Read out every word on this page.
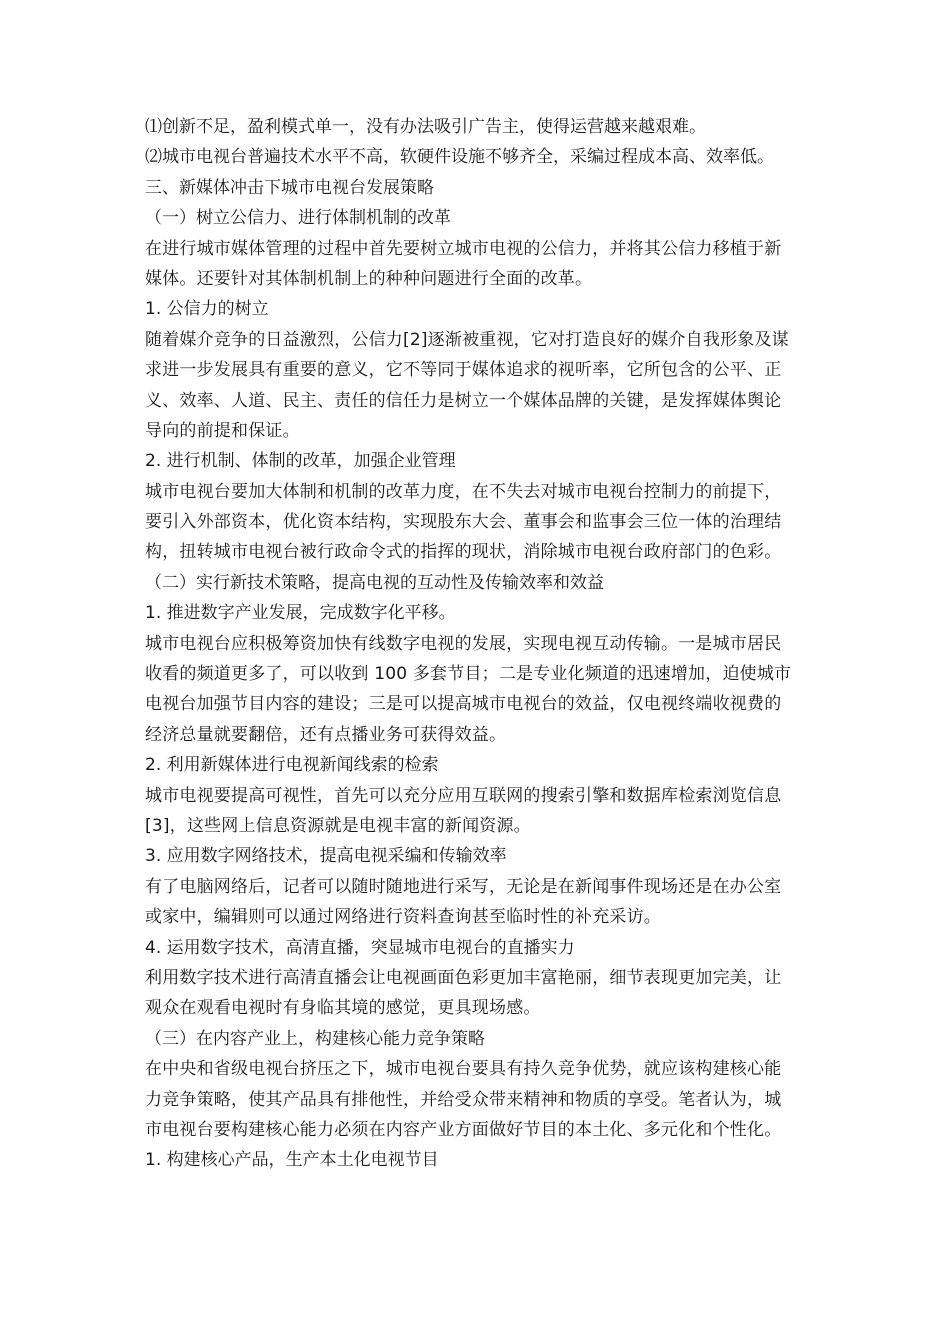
⑴创新不足，盈利模式单一，没有办法吸引广告主，使得运营越来越艰难。
⑵城市电视台普遍技术水平不高，软硬件设施不够齐全，采编过程成本高、效率低。
三、新媒体冲击下城市电视台发展策略
（一）树立公信力、进行体制机制的改革
在进行城市媒体管理的过程中首先要树立城市电视的公信力，并将其公信力移植于新
媒体。还要针对其体制机制上的种种问题进行全面的改革。
1. 公信力的树立
随着媒介竞争的日益激烈，公信力[2]逐渐被重视，它对打造良好的媒介自我形象及谋
求进一步发展具有重要的意义，它不等同于媒体追求的视听率，它所包含的公平、正
义、效率、人道、民主、责任的信任力是树立一个媒体品牌的关键，是发挥媒体舆论
导向的前提和保证。
2. 进行机制、体制的改革，加强企业管理
城市电视台要加大体制和机制的改革力度，在不失去对城市电视台控制力的前提下，
要引入外部资本，优化资本结构，实现股东大会、董事会和监事会三位一体的治理结
构，扭转城市电视台被行政命令式的指挥的现状，消除城市电视台政府部门的色彩。
（二）实行新技术策略，提高电视的互动性及传输效率和效益
1. 推进数字产业发展，完成数字化平移。
城市电视台应积极筹资加快有线数字电视的发展，实现电视互动传输。一是城市居民
收看的频道更多了，可以收到 100 多套节目；二是专业化频道的迅速增加，迫使城市
电视台加强节目内容的建设；三是可以提高城市电视台的效益，仅电视终端收视费的
经济总量就要翻倍，还有点播业务可获得效益。
2. 利用新媒体进行电视新闻线索的检索
城市电视要提高可视性，首先可以充分应用互联网的搜索引擎和数据库检索浏览信息
[3]，这些网上信息资源就是电视丰富的新闻资源。
3. 应用数字网络技术，提高电视采编和传输效率
有了电脑网络后，记者可以随时随地进行采写，无论是在新闻事件现场还是在办公室
或家中，编辑则可以通过网络进行资料查询甚至临时性的补充采访。
4. 运用数字技术，高清直播，突显城市电视台的直播实力
利用数字技术进行高清直播会让电视画面色彩更加丰富艳丽，细节表现更加完美，让
观众在观看电视时有身临其境的感觉，更具现场感。
（三）在内容产业上，构建核心能力竞争策略
在中央和省级电视台挤压之下，城市电视台要具有持久竞争优势，就应该构建核心能
力竞争策略，使其产品具有排他性，并给受众带来精神和物质的享受。笔者认为，城
市电视台要构建核心能力必须在内容产业方面做好节目的本土化、多元化和个性化。
1. 构建核心产品，生产本土化电视节目
